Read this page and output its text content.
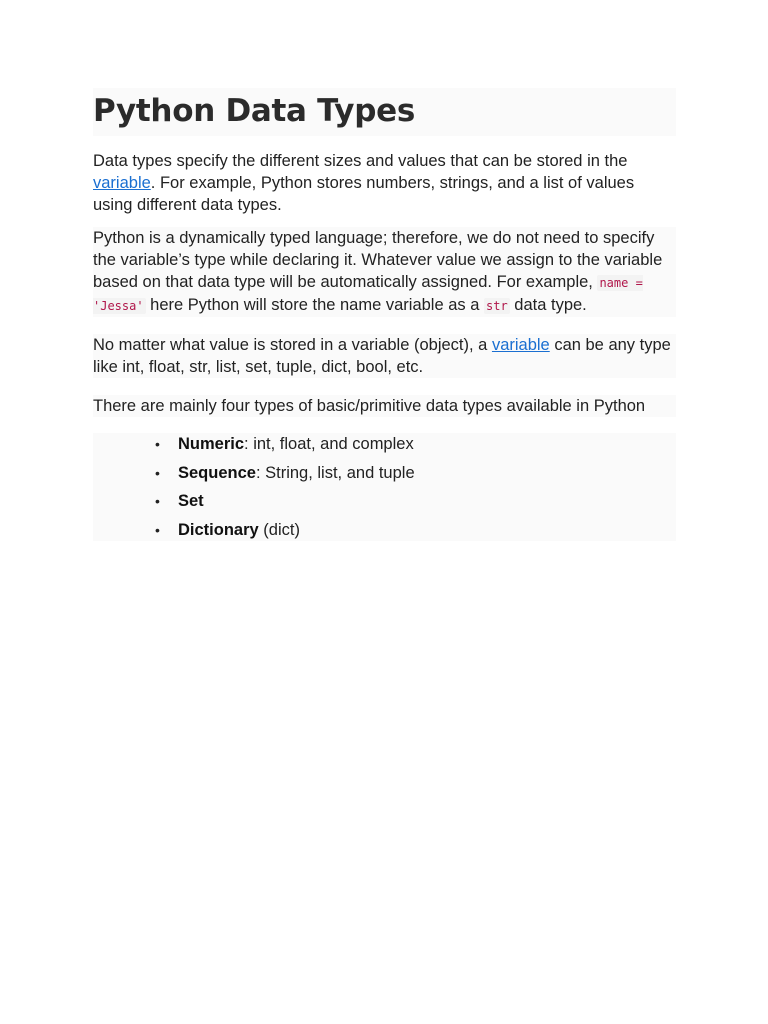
Python Data Types

Data types specify the different sizes and values that can be stored in the variable. For example, Python stores numbers, strings, and a list of values using different data types.

Python is a dynamically typed language; therefore, we do not need to specify the variable’s type while declaring it. Whatever value we assign to the variable based on that data type will be automatically assigned. For example, name = 'Jessa' here Python will store the name variable as a str data type.

No matter what value is stored in a variable (object), a variable can be any type like int, float, str, list, set, tuple, dict, bool, etc.

There are mainly four types of basic/primitive data types available in Python

• Numeric: int, float, and complex
• Sequence: String, list, and tuple
• Set
• Dictionary (dict)
